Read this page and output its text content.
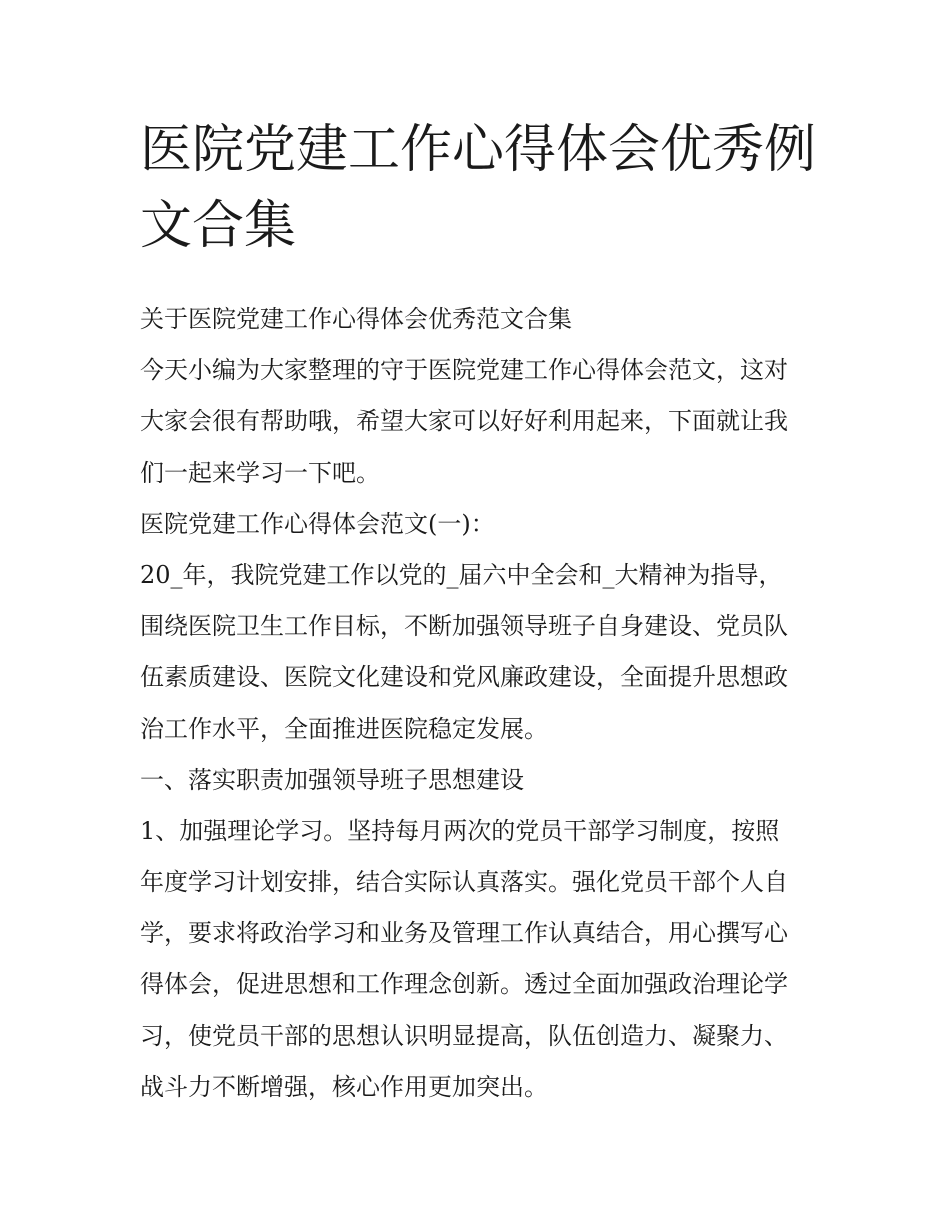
医院党建工作心得体会优秀例
文合集
关于医院党建工作心得体会优秀范文合集
今天小编为大家整理的守于医院党建工作心得体会范文，这对
大家会很有帮助哦，希望大家可以好好利用起来，下面就让我
们一起来学习一下吧。
医院党建工作心得体会范文(一)：
20_年，我院党建工作以党的_届六中全会和_大精神为指导，
围绕医院卫生工作目标，不断加强领导班子自身建设、党员队
伍素质建设、医院文化建设和党风廉政建设，全面提升思想政
治工作水平，全面推进医院稳定发展。
一、落实职责加强领导班子思想建设
1、加强理论学习。坚持每月两次的党员干部学习制度，按照
年度学习计划安排，结合实际认真落实。强化党员干部个人自
学，要求将政治学习和业务及管理工作认真结合，用心撰写心
得体会，促进思想和工作理念创新。透过全面加强政治理论学
习，使党员干部的思想认识明显提高，队伍创造力、凝聚力、
战斗力不断增强，核心作用更加突出。
